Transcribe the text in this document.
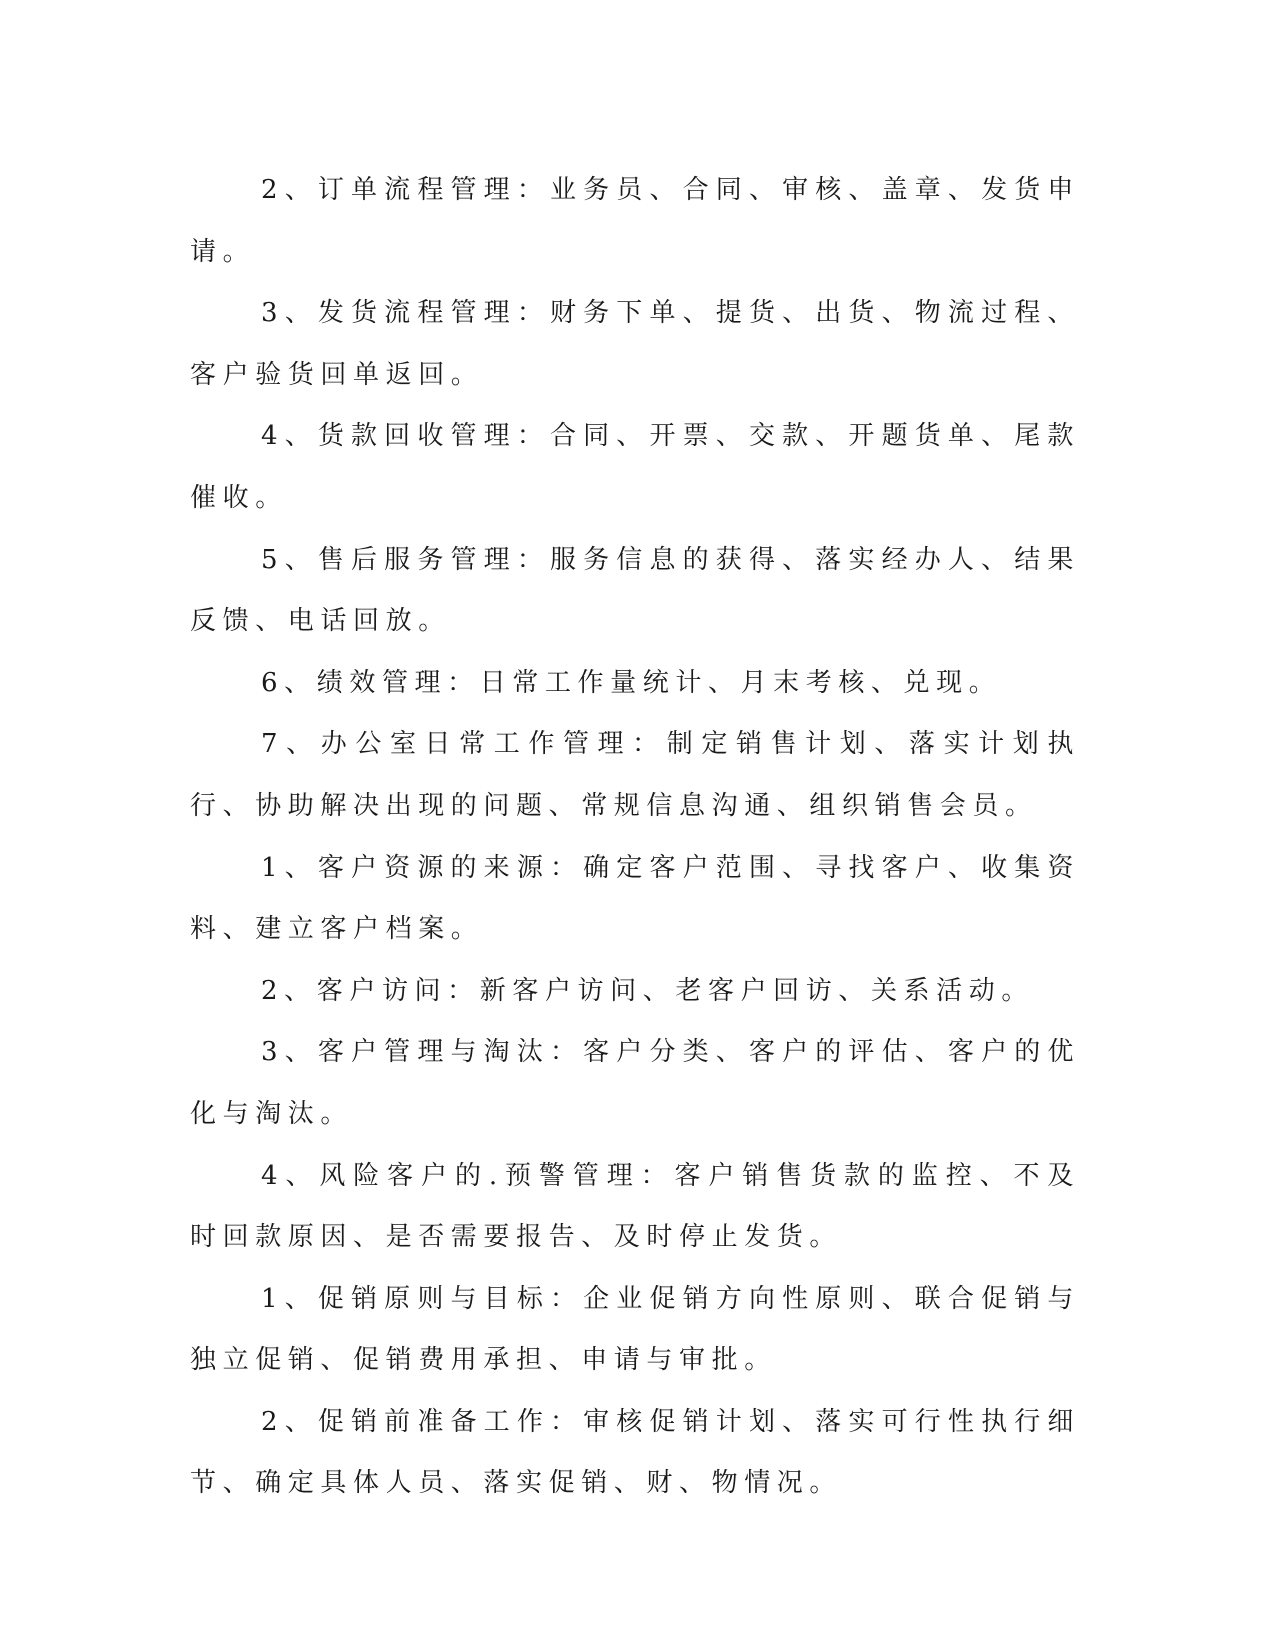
2、订单流程管理：业务员、合同、审核、盖章、发货申请。

3、发货流程管理：财务下单、提货、出货、物流过程、客户验货回单返回。

4、货款回收管理：合同、开票、交款、开题货单、尾款催收。

5、售后服务管理：服务信息的获得、落实经办人、结果反馈、电话回放。

6、绩效管理：日常工作量统计、月末考核、兑现。

7、办公室日常工作管理：制定销售计划、落实计划执行、协助解决出现的问题、常规信息沟通、组织销售会员。

1、客户资源的来源：确定客户范围、寻找客户、收集资料、建立客户档案。

2、客户访问：新客户访问、老客户回访、关系活动。

3、客户管理与淘汰：客户分类、客户的评估、客户的优化与淘汰。

4、风险客户的.预警管理：客户销售货款的监控、不及时回款原因、是否需要报告、及时停止发货。

1、促销原则与目标：企业促销方向性原则、联合促销与独立促销、促销费用承担、申请与审批。

2、促销前准备工作：审核促销计划、落实可行性执行细节、确定具体人员、落实促销、财、物情况。
